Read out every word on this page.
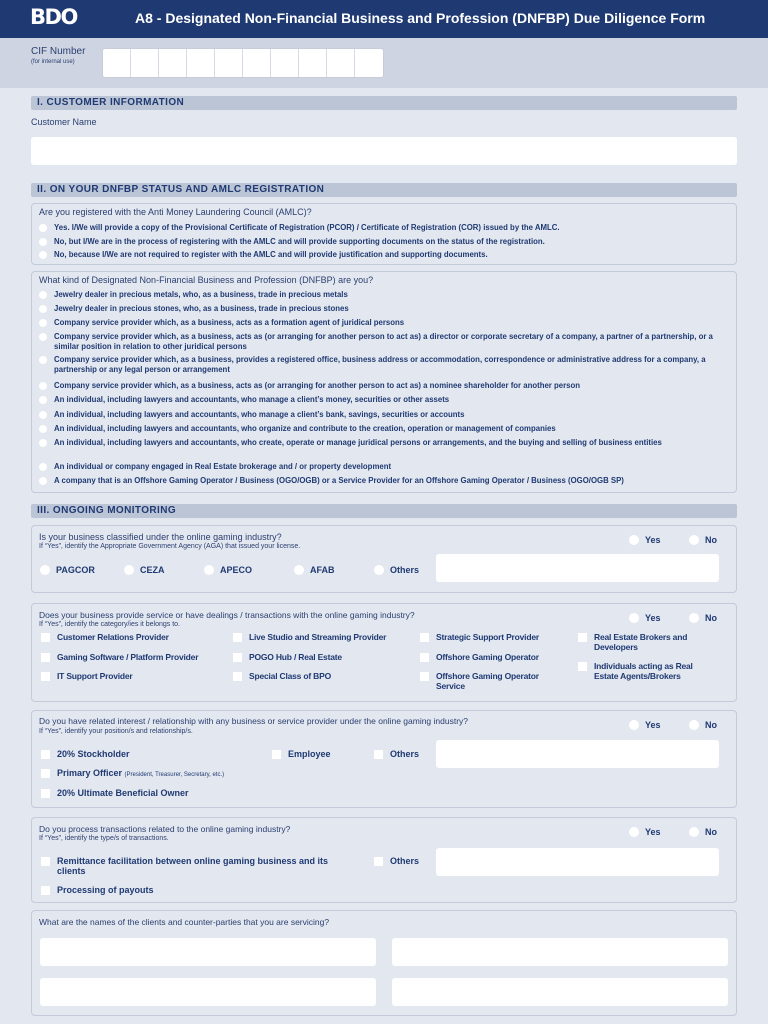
BDO	A8 - Designated Non-Financial Business and Profession (DNFBP) Due Diligence Form
CIF Number
(for internal use)
I. CUSTOMER INFORMATION
Customer Name
II. ON YOUR DNFBP STATUS AND AMLC REGISTRATION
Are you registered with the Anti Money Laundering Council (AMLC)?
Yes. I/We will provide a copy of the Provisional Certificate of Registration (PCOR) / Certificate of Registration (COR) issued by the AMLC.
No, but I/We are in the process of registering with the AMLC and will provide supporting documents on the status of the registration.
No, because I/We are not required to register with the AMLC and will provide justification and supporting documents.
What kind of Designated Non-Financial Business and Profession (DNFBP) are you?
Jewelry dealer in precious metals, who, as a business, trade in precious metals
Jewelry dealer in precious stones, who, as a business, trade in precious stones
Company service provider which, as a business, acts as a formation agent of juridical persons
Company service provider which, as a business, acts as (or arranging for another person to act as) a director or corporate secretary of a company, a partner of a partnership, or a similar position in relation to other juridical persons
Company service provider which, as a business, provides a registered office, business address or accommodation, correspondence or administrative address for a company, a partnership or any legal person or arrangement
Company service provider which, as a business, acts as (or arranging for another person to act as) a nominee shareholder for another person
An individual, including lawyers and accountants, who manage a client’s money, securities or other assets
An individual, including lawyers and accountants, who manage a client’s bank, savings, securities or accounts
An individual, including lawyers and accountants, who organize and contribute to the creation, operation or management of companies
An individual, including lawyers and accountants, who create, operate or manage juridical persons or arrangements, and the buying and selling of business entities
An individual or company engaged in Real Estate brokerage and / or property development
A company that is an Offshore Gaming Operator / Business (OGO/OGB) or a Service Provider for an Offshore Gaming Operator / Business (OGO/OGB SP)
III. ONGOING MONITORING
Is your business classified under the online gaming industry?
If “Yes”, identify the Appropriate Government Agency (AGA) that issued your license.
Yes	No
PAGCOR	CEZA	APECO	AFAB	Others
Does your business provide service or have dealings / transactions with the online gaming industry?
If “Yes”, identify the category/ies it belongs to.
Yes	No
Customer Relations Provider
Gaming Software / Platform Provider
IT Support Provider
Live Studio and Streaming Provider
POGO Hub / Real Estate
Special Class of BPO
Strategic Support Provider
Offshore Gaming Operator
Offshore Gaming Operator Service
Real Estate Brokers and Developers
Individuals acting as Real Estate Agents/Brokers
Do you have related interest / relationship with any business or service provider under the online gaming industry?
If “Yes”, identify your position/s and relationship/s.
Yes	No
20% Stockholder
Primary Officer (President, Treasurer, Secretary, etc.)
20% Ultimate Beneficial Owner
Employee	Others
Do you process transactions related to the online gaming industry?
If “Yes”, identify the type/s of transactions.
Yes	No
Remittance facilitation between online gaming business and its clients
Processing of payouts
Others
What are the names of the clients and counter-parties that you are servicing?
